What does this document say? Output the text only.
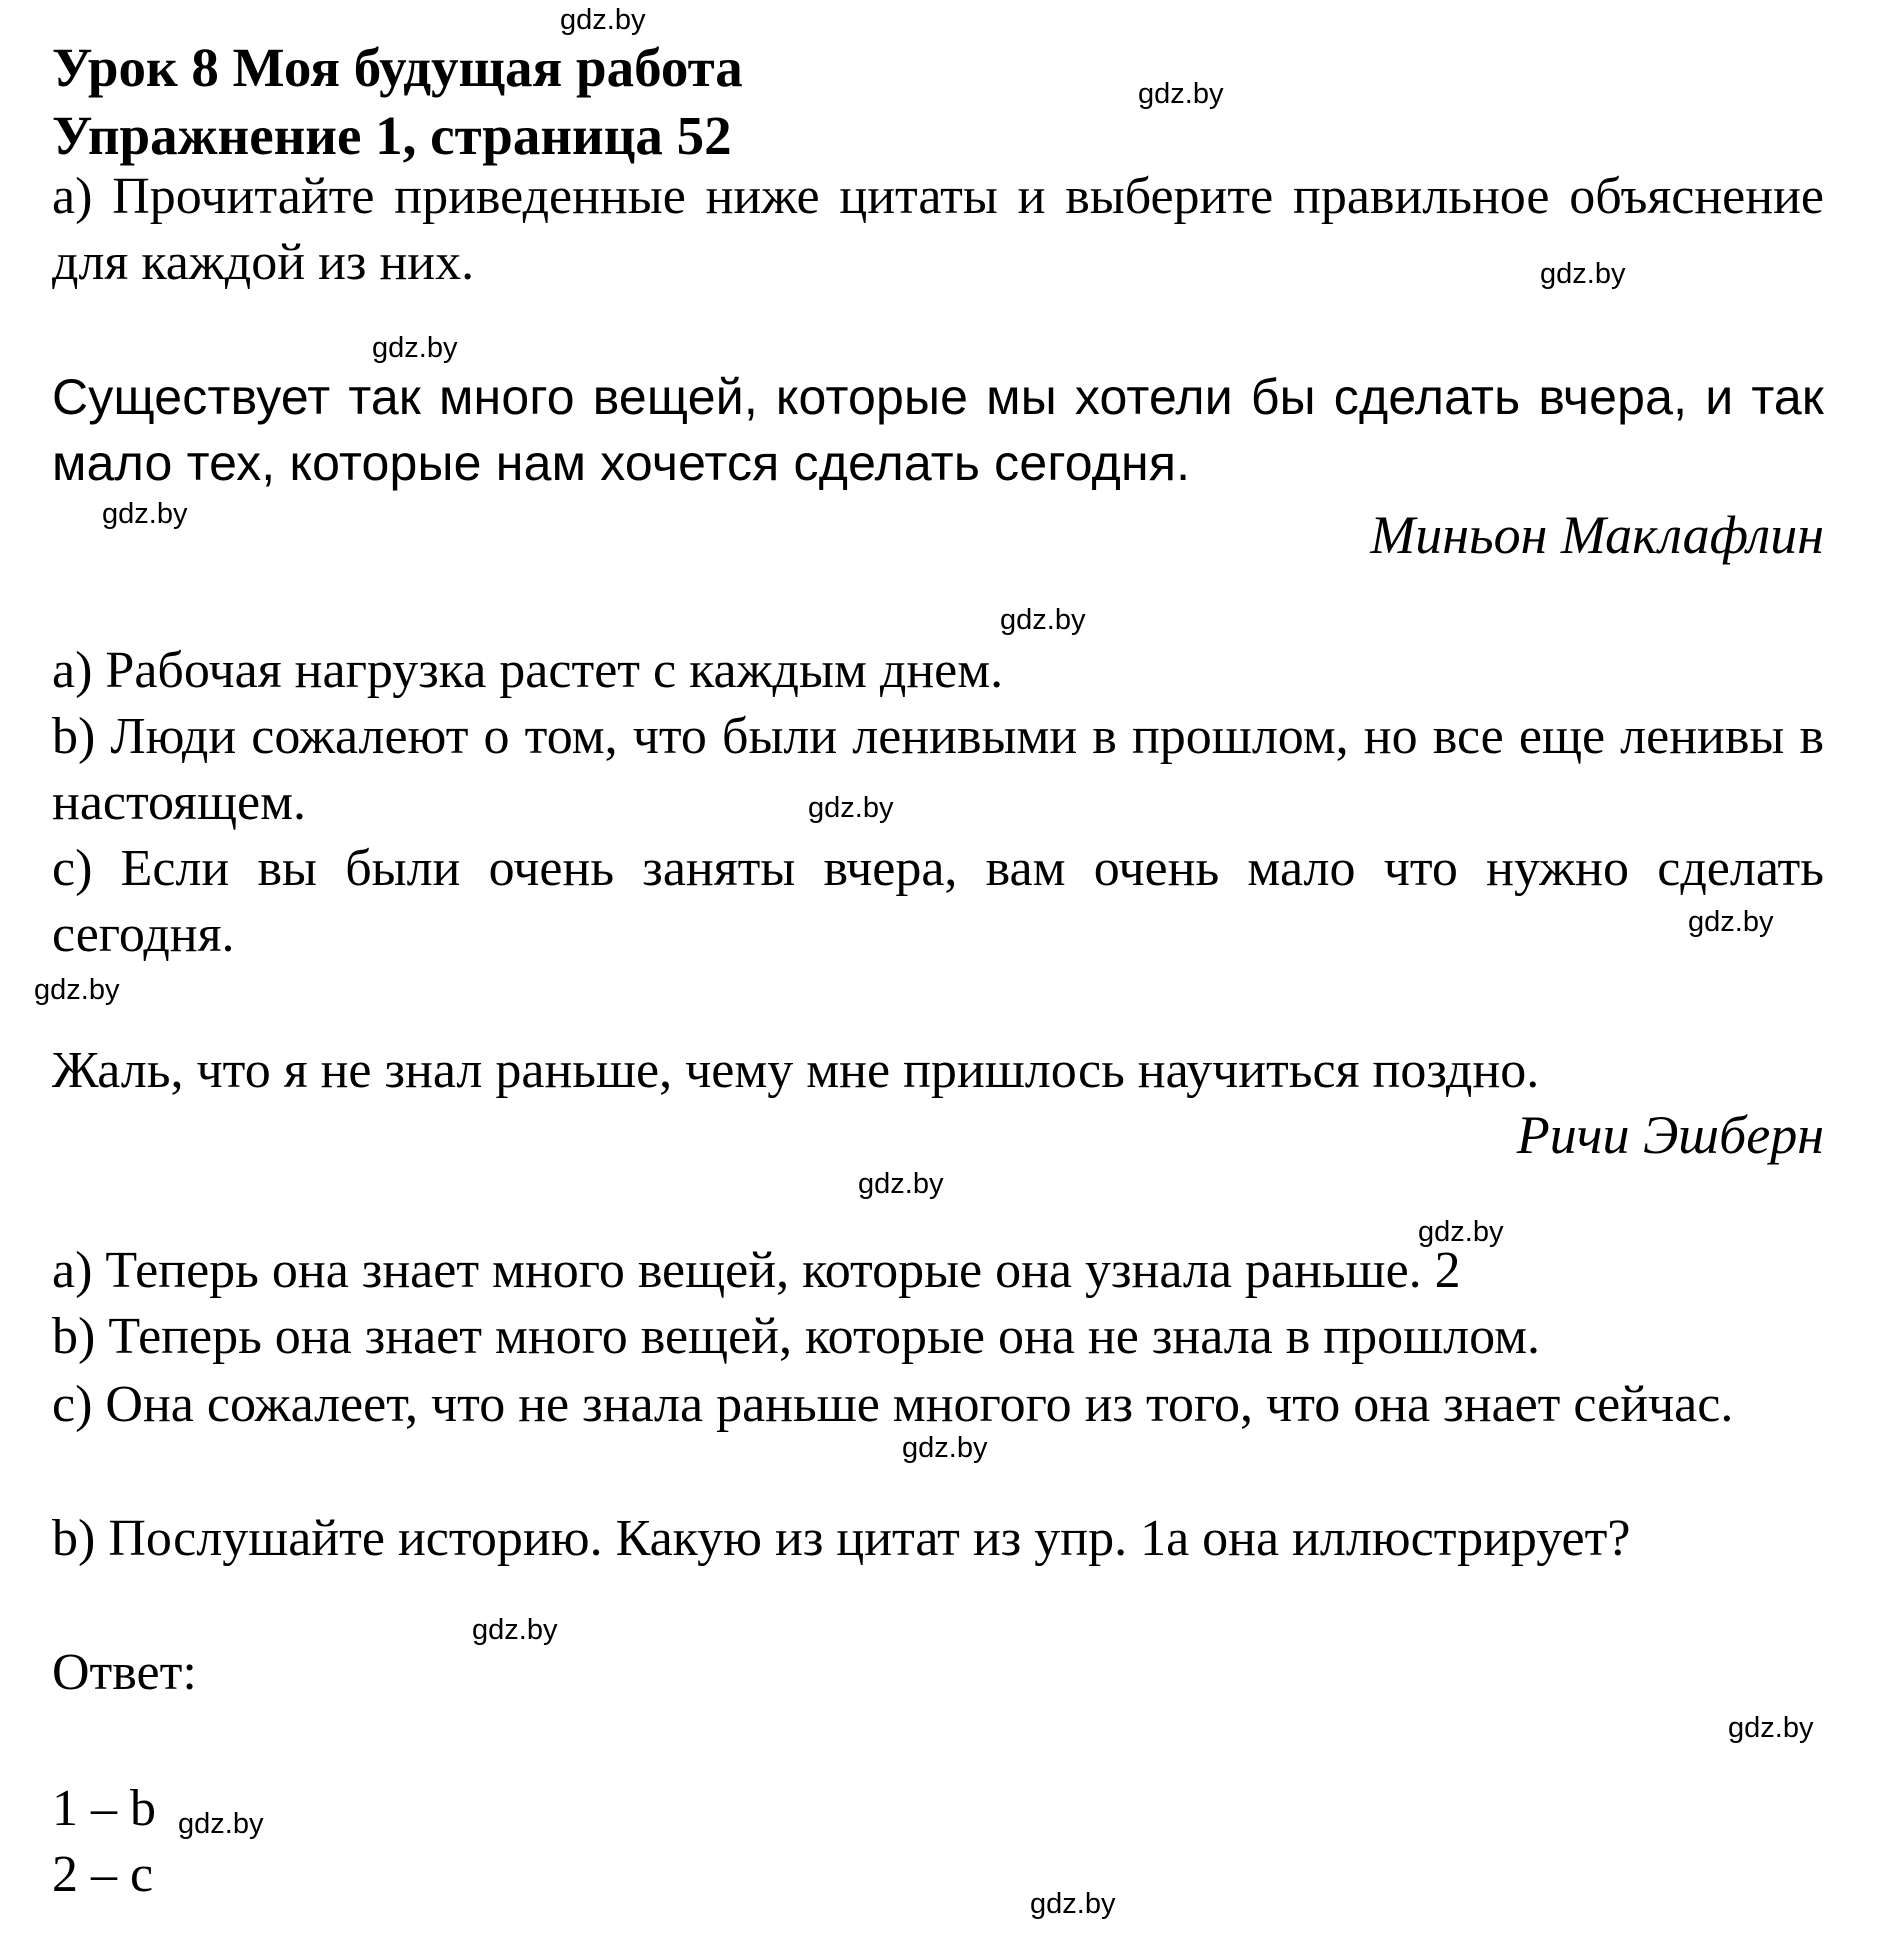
Урок 8 Моя будущая работа
Упражнение 1, страница 52
a) Прочитайте приведенные ниже цитаты и выберите правильное объяснение для каждой из них.
Существует так много вещей, которые мы хотели бы сделать вчера, и так мало тех, которые нам хочется сделать сегодня.
Миньон Маклафлин
a) Рабочая нагрузка растет с каждым днем.
b) Люди сожалеют о том, что были ленивыми в прошлом, но все еще ленивы в настоящем.
c) Если вы были очень заняты вчера, вам очень мало что нужно сделать сегодня.
Жаль, что я не знал раньше, чему мне пришлось научиться поздно.
Ричи Эшберн
a) Теперь она знает много вещей, которые она узнала раньше. 2
b) Теперь она знает много вещей, которые она не знала в прошлом.
c) Она сожалеет, что не знала раньше многого из того, что она знает сейчас.
b) Послушайте историю. Какую из цитат из упр. 1а она иллюстрирует?
Ответ:
1 – b
2 – c
gdz.by
gdz.by
gdz.by
gdz.by
gdz.by
gdz.by
gdz.by
gdz.by
gdz.by
gdz.by
gdz.by
gdz.by
gdz.by
gdz.by
gdz.by
gdz.by
